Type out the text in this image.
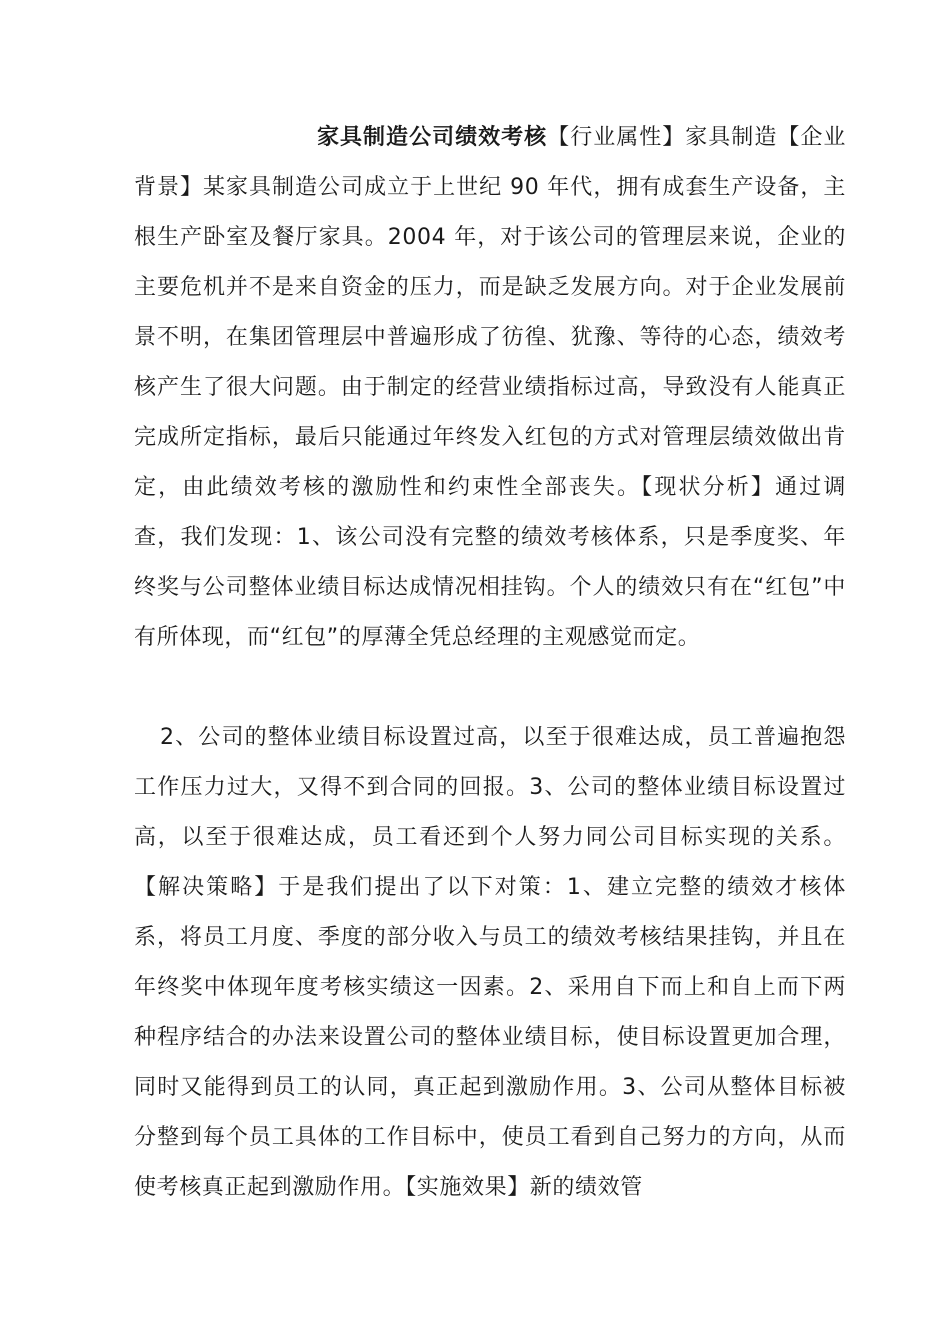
家具制造公司绩效考核【行业属性】家具制造【企业背景】某家具制造公司成立于上世纪 90 年代，拥有成套生产设备，主根生产卧室及餐厅家具。2004 年，对于该公司的管理层来说，企业的主要危机并不是来自资金的压力，而是缺乏发展方向。对于企业发展前景不明，在集团管理层中普遍形成了彷徨、犹豫、等待的心态，绩效考核产生了很大问题。由于制定的经营业绩指标过高，导致没有人能真正完成所定指标，最后只能通过年终发入红包的方式对管理层绩效做出肯定，由此绩效考核的激励性和约束性全部丧失。【现状分析】通过调查，我们发现：1、该公司没有完整的绩效考核体系，只是季度奖、年终奖与公司整体业绩目标达成情况相挂钩。个人的绩效只有在“红包”中有所体现，而“红包”的厚薄全凭总经理的主观感觉而定。
2、公司的整体业绩目标设置过高，以至于很难达成，员工普遍抱怨工作压力过大，又得不到合同的回报。3、公司的整体业绩目标设置过高，以至于很难达成，员工看还到个人努力同公司目标实现的关系。【解决策略】于是我们提出了以下对策：1、建立完整的绩效才核体系，将员工月度、季度的部分收入与员工的绩效考核结果挂钩，并且在年终奖中体现年度考核实绩这一因素。2、采用自下而上和自上而下两种程序结合的办法来设置公司的整体业绩目标，使目标设置更加合理，同时又能得到员工的认同，真正起到激励作用。3、公司从整体目标被分整到每个员工具体的工作目标中，使员工看到自己努力的方向，从而使考核真正起到激励作用。【实施效果】新的绩效管
